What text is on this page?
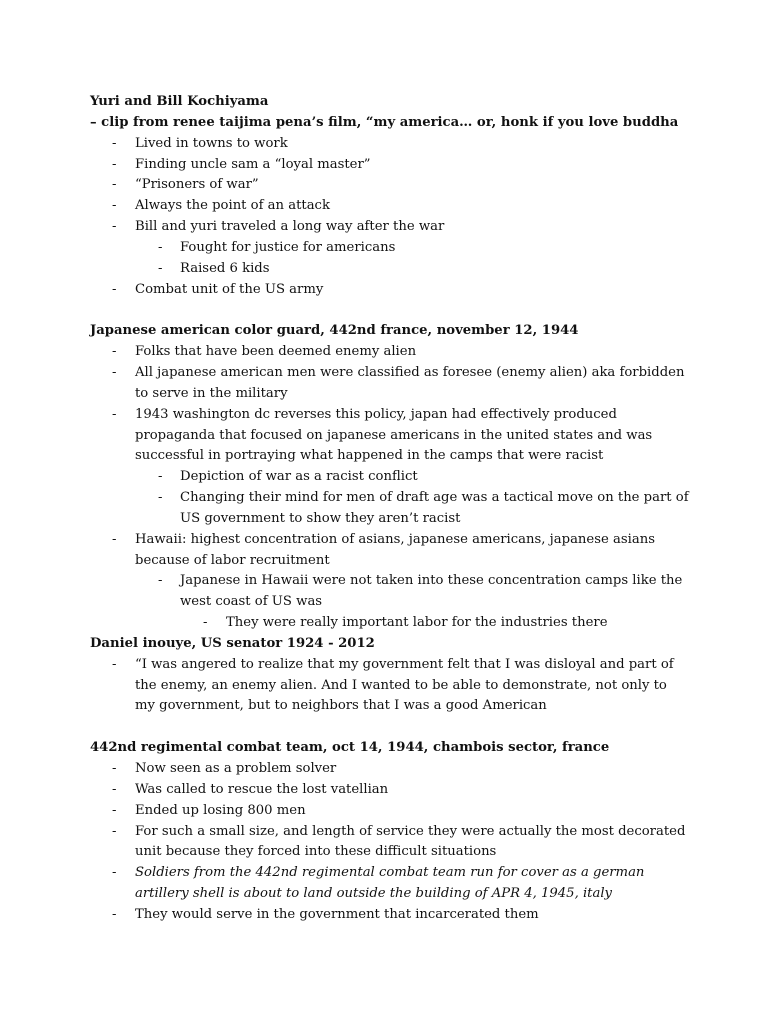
Yuri and Bill Kochiyama

– clip from renee taijima pena’s film, “my america… or, honk if you love buddha

- Lived in towns to work
- Finding uncle sam a “loyal master”
- “Prisoners of war”
- Always the point of an attack
- Bill and yuri traveled a long way after the war
- Fought for justice for americans
- Raised 6 kids
- Combat unit of the US army

Japanese american color guard, 442nd france, november 12, 1944

- Folks that have been deemed enemy alien
- All japanese american men were classified as foresee (enemy alien) aka forbidden to serve in the military
- 1943 washington dc reverses this policy, japan had effectively produced propaganda that focused on japanese americans in the united states and was successful in portraying what happened in the camps that were racist
- Depiction of war as a racist conflict
- Changing their mind for men of draft age was a tactical move on the part of US government to show they aren’t racist
- Hawaii: highest concentration of asians, japanese americans, japanese asians because of labor recruitment
- Japanese in Hawaii were not taken into these concentration camps like the west coast of US was
- They were really important labor for the industries there

Daniel inouye, US senator 1924 - 2012

- “I was angered to realize that my government felt that I was disloyal and part of the enemy, an enemy alien. And I wanted to be able to demonstrate, not only to my government, but to neighbors that I was a good American

442nd regimental combat team, oct 14, 1944, chambois sector, france

- Now seen as a problem solver
- Was called to rescue the lost vatellian
- Ended up losing 800 men
- For such a small size, and length of service they were actually the most decorated unit because they forced into these difficult situations
- Soldiers from the 442nd regimental combat team run for cover as a german artillery shell is about to land outside the building of APR 4, 1945, italy
- They would serve in the government that incarcerated them
